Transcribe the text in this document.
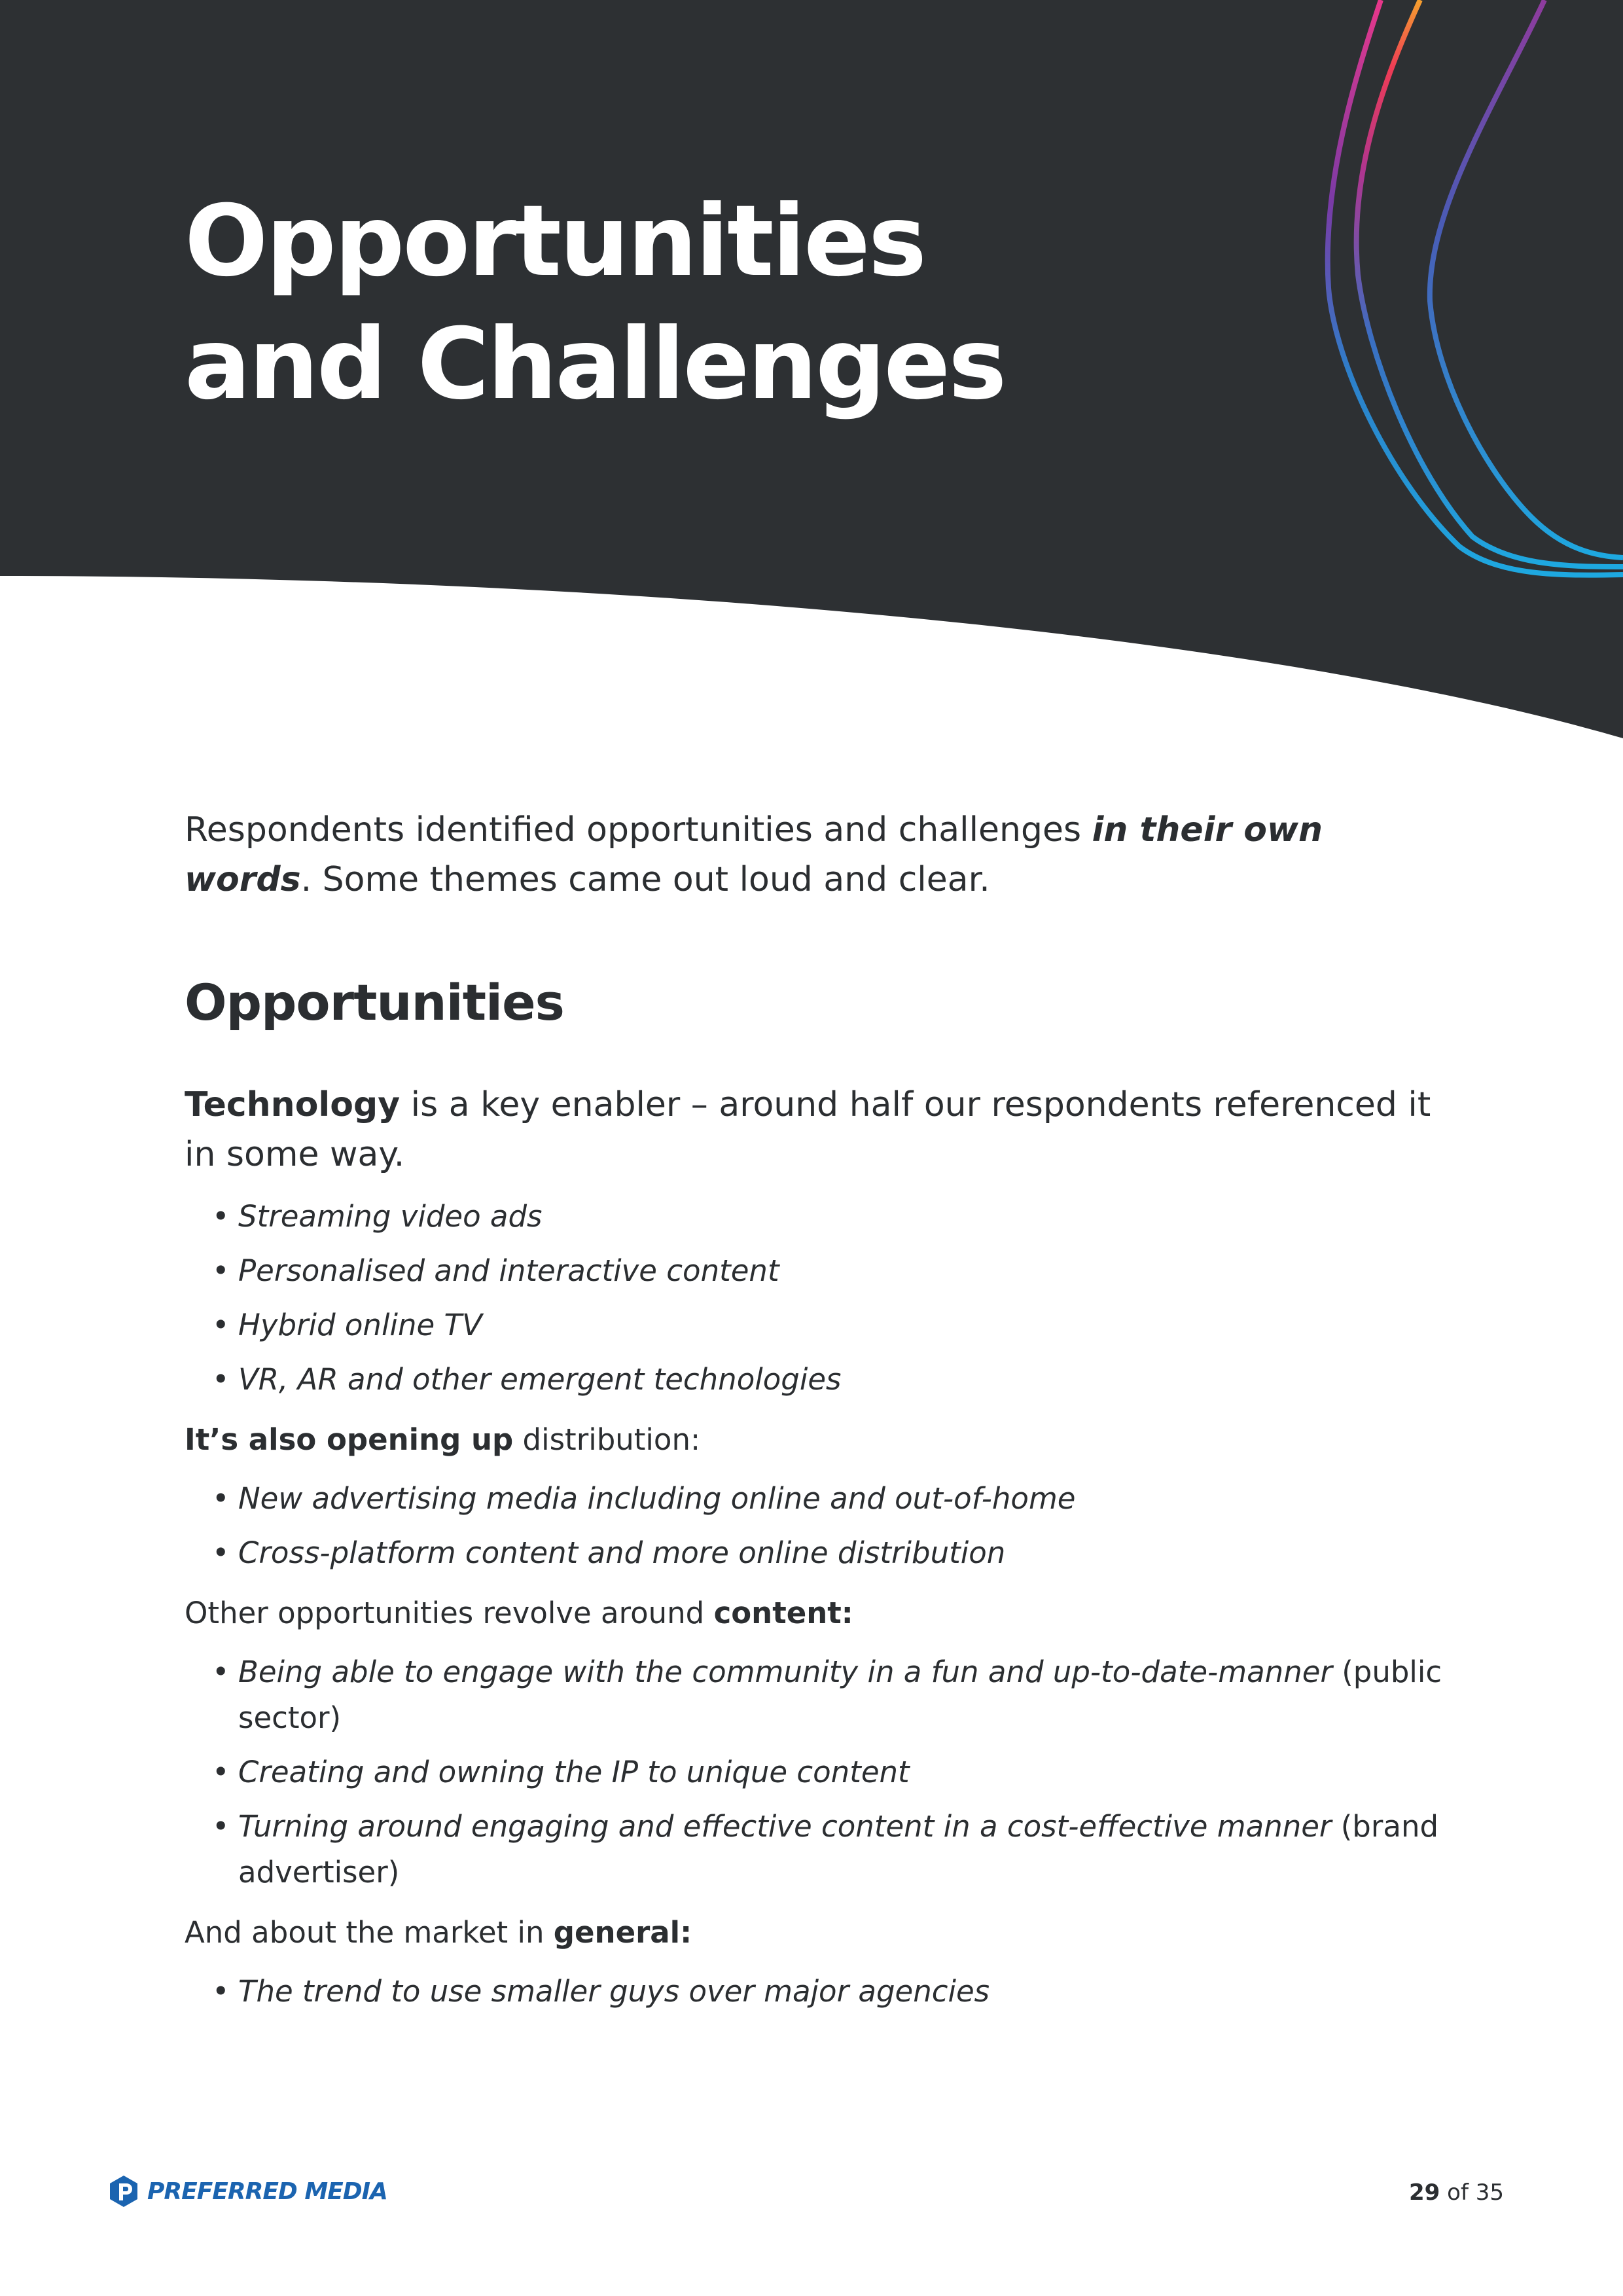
Opportunities
and Challenges

Respondents identified opportunities and challenges in their own words. Some themes came out loud and clear.

Opportunities

Technology is a key enabler – around half our respondents referenced it in some way.

• Streaming video ads
• Personalised and interactive content
• Hybrid online TV
• VR, AR and other emergent technologies

It’s also opening up distribution:

• New advertising media including online and out-of-home
• Cross-platform content and more online distribution

Other opportunities revolve around content:

• Being able to engage with the community in a fun and up-to-date-manner (public sector)
• Creating and owning the IP to unique content
• Turning around engaging and effective content in a cost-effective manner (brand advertiser)

And about the market in general:

• The trend to use smaller guys over major agencies
PREFERRED MEDIA	29 of 35
